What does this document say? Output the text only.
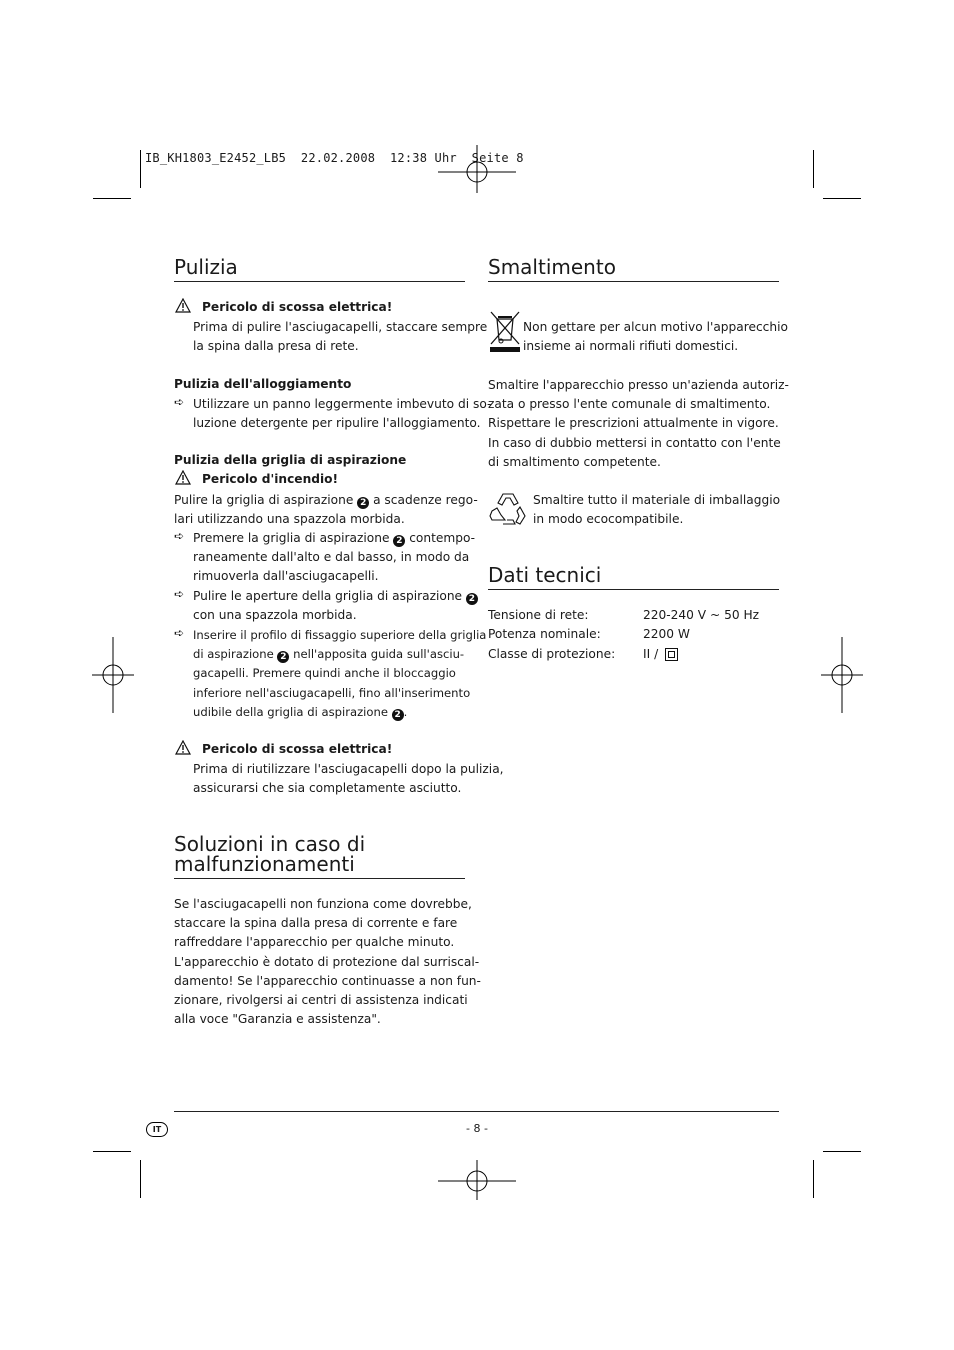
IB_KH1803_E2452_LB5  22.02.2008  12:38 Uhr  Seite 8
Pulizia
Pericolo di scossa elettrica!
Prima di pulire l'asciugacapelli, staccare sempre
la spina dalla presa di rete.
Pulizia dell'alloggiamento
➪ Utilizzare un panno leggermente imbevuto di so-
luzione detergente per ripulire l'alloggiamento.
Pulizia della griglia di aspirazione
Pericolo d'incendio!
Pulire la griglia di aspirazione 2 a scadenze rego-
lari utilizzando una spazzola morbida.
➪ Premere la griglia di aspirazione 2 contempo-
raneamente dall'alto e dal basso, in modo da
rimuoverla dall'asciugacapelli.
➪ Pulire le aperture della griglia di aspirazione 2
con una spazzola morbida.
➪ Inserire il profilo di fissaggio superiore della griglia
di aspirazione 2 nell'apposita guida sull'asciu-
gacapelli. Premere quindi anche il bloccaggio
inferiore nell'asciugacapelli, fino all'inserimento
udibile della griglia di aspirazione 2 .
Pericolo di scossa elettrica!
Prima di riutilizzare l'asciugacapelli dopo la pulizia,
assicurarsi che sia completamente asciutto.
Soluzioni in caso di
malfunzionamenti
Se l'asciugacapelli non funziona come dovrebbe,
staccare la spina dalla presa di corrente e fare
raffreddare l'apparecchio per qualche minuto.
L'apparecchio è dotato di protezione dal surriscal-
damento! Se l'apparecchio continuasse a non fun-
zionare, rivolgersi ai centri di assistenza indicati
alla voce "Garanzia e assistenza".
Smaltimento
Non gettare per alcun motivo l'apparecchio
insieme ai normali rifiuti domestici.
Smaltire l'apparecchio presso un'azienda autoriz-
zata o presso l'ente comunale di smaltimento.
Rispettare le prescrizioni attualmente in vigore.
In caso di dubbio mettersi in contatto con l'ente
di smaltimento competente.
Smaltire tutto il materiale di imballaggio
in modo ecocompatibile.
Dati tecnici
Tensione di rete:	220-240 V ~ 50 Hz
Potenza nominale:	2200 W
Classe di protezione: II /
IT	- 8 -
